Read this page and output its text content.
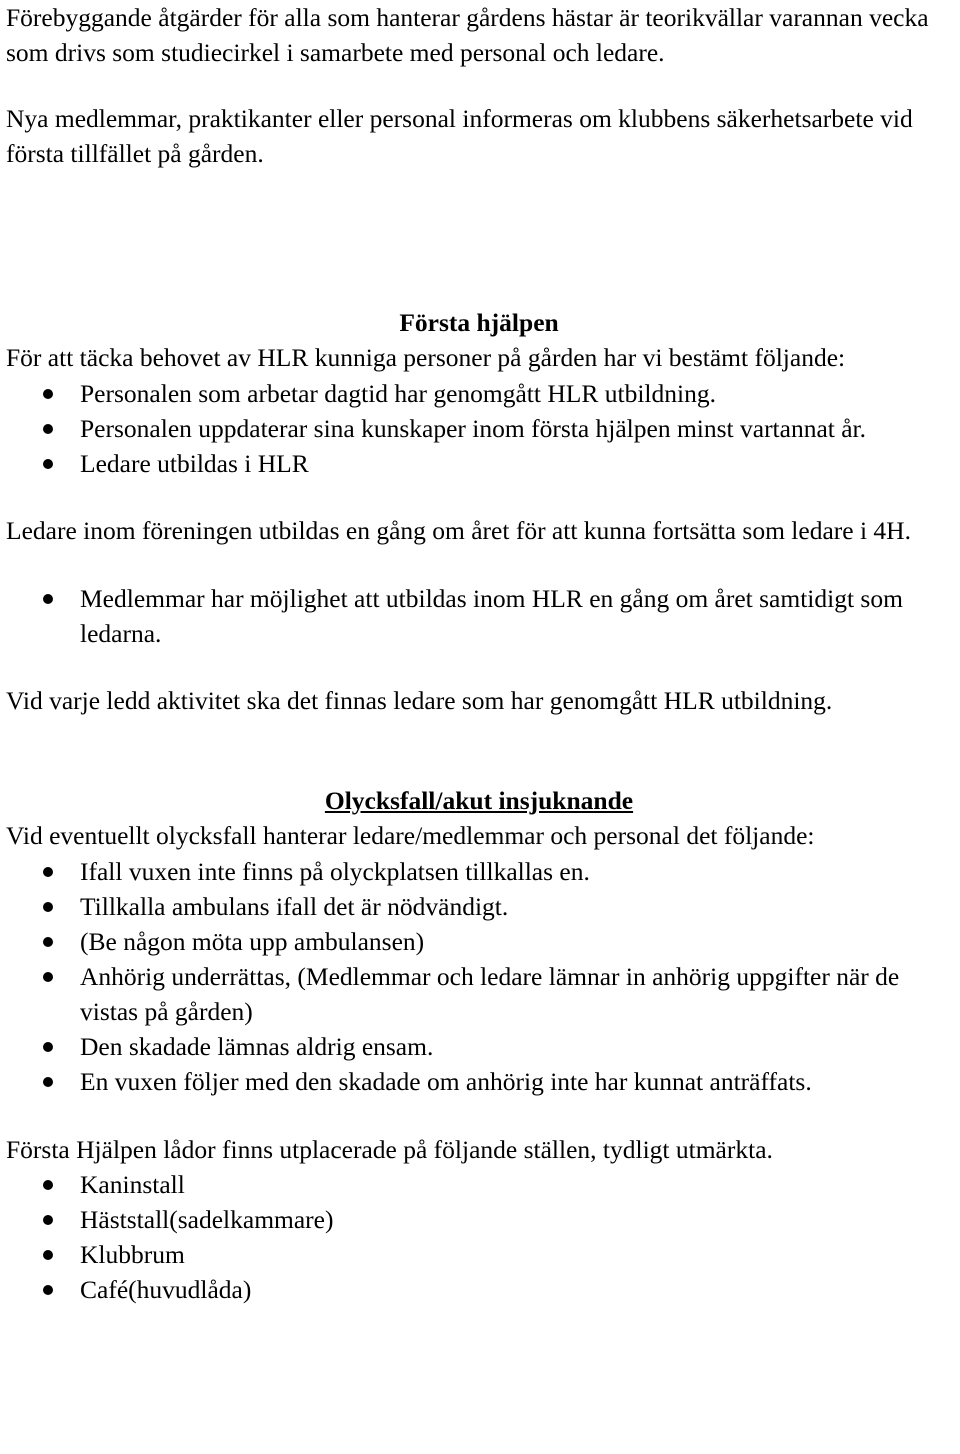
Förebyggande åtgärder för alla som hanterar gårdens hästar är teorikvällar varannan vecka som drivs som studiecirkel i samarbete med personal och ledare.

Nya medlemmar, praktikanter eller personal informeras om klubbens säkerhetsarbete vid första tillfället på gården.

Första hjälpen

För att täcka behovet av HLR kunniga personer på gården har vi bestämt följande:

Personalen som arbetar dagtid har genomgått HLR utbildning.
Personalen uppdaterar sina kunskaper inom första hjälpen minst vartannat år.
Ledare utbildas i HLR

Ledare inom föreningen utbildas en gång om året för att kunna fortsätta som ledare i 4H.

Medlemmar har möjlighet att utbildas inom HLR en gång om året samtidigt som ledarna.

Vid varje ledd aktivitet ska det finnas ledare som har genomgått HLR utbildning.

Olycksfall/akut insjuknande

Vid eventuellt olycksfall hanterar ledare/medlemmar och personal det följande:

Ifall vuxen inte finns på olyckplatsen tillkallas en.
Tillkalla ambulans ifall det är nödvändigt.
(Be någon möta upp ambulansen)
Anhörig underrättas, (Medlemmar och ledare lämnar in anhörig uppgifter när de vistas på gården)
Den skadade lämnas aldrig ensam.
En vuxen följer med den skadade om anhörig inte har kunnat anträffats.

Första Hjälpen lådor finns utplacerade på följande ställen, tydligt utmärkta.

Kaninstall
Häststall(sadelkammare)
Klubbrum
Café(huvudlåda)
